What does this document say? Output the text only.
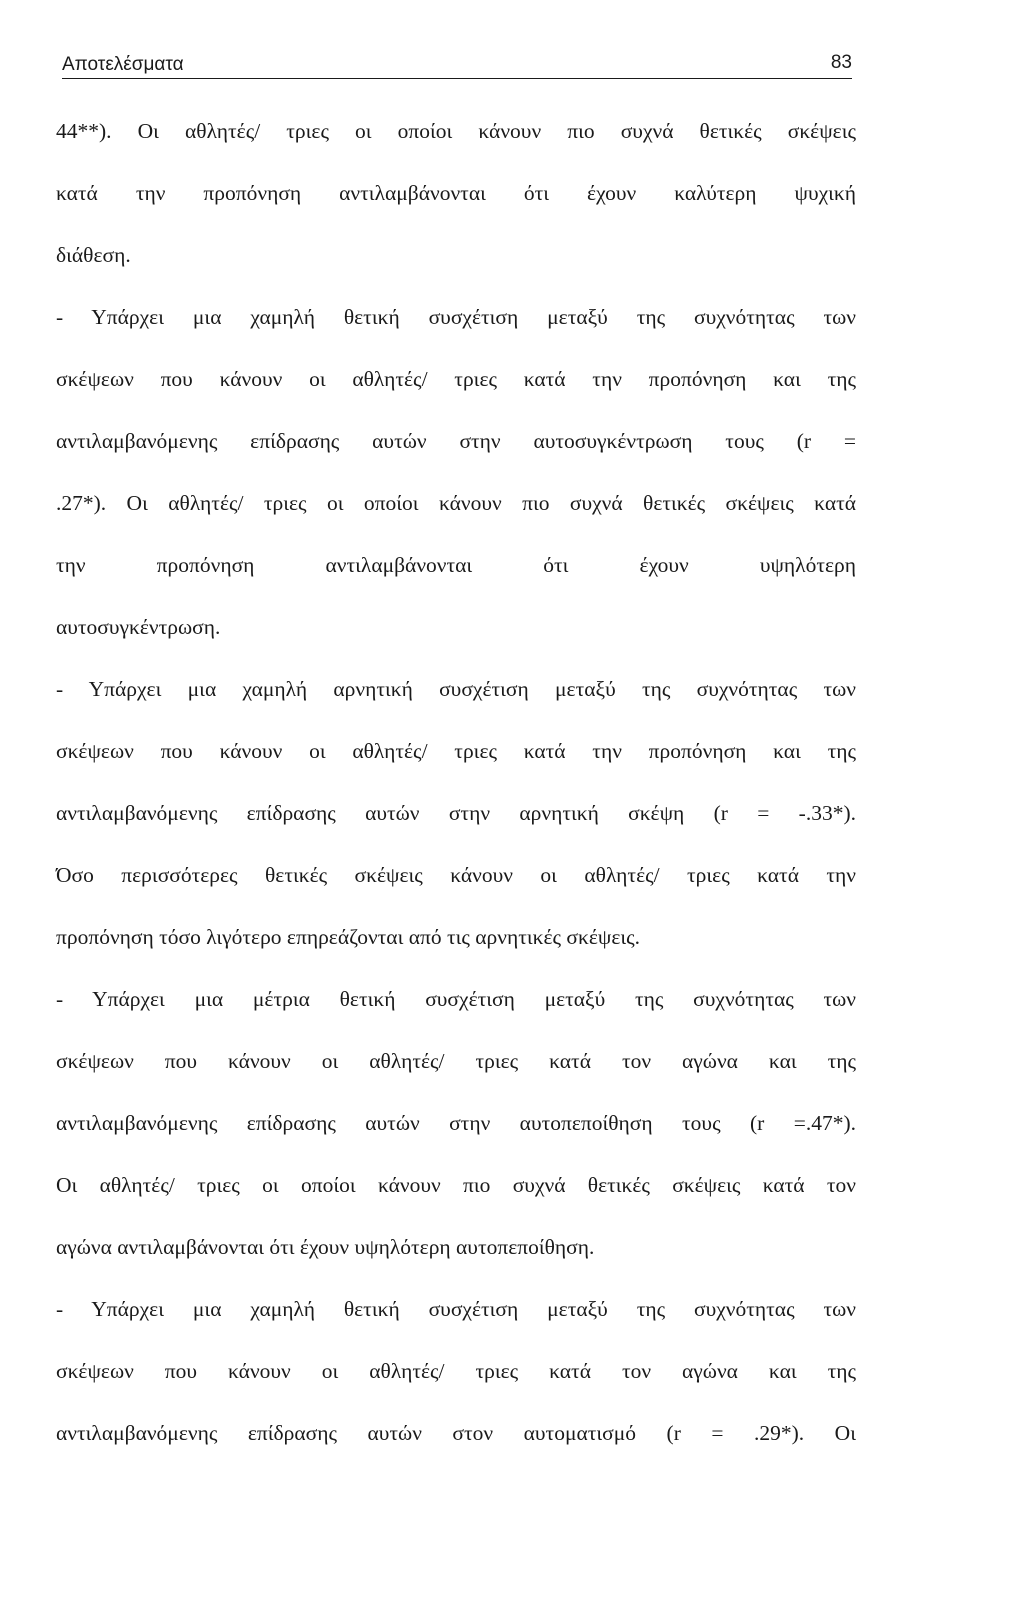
Αποτελέσματα	83
44**). Οι αθλητές/ τριες οι οποίοι κάνουν πιο συχνά θετικές σκέψεις
κατά την προπόνηση αντιλαμβάνονται ότι έχουν καλύτερη ψυχική
διάθεση.
- Υπάρχει μια χαμηλή θετική συσχέτιση μεταξύ της συχνότητας των
σκέψεων που κάνουν οι αθλητές/ τριες κατά την προπόνηση και της
αντιλαμβανόμενης επίδρασης αυτών στην αυτοσυγκέντρωση τους (r =
.27*). Οι αθλητές/ τριες οι οποίοι κάνουν πιο συχνά θετικές σκέψεις κατά
την προπόνηση αντιλαμβάνονται ότι έχουν υψηλότερη
αυτοσυγκέντρωση.
- Υπάρχει μια χαμηλή αρνητική συσχέτιση μεταξύ της συχνότητας των
σκέψεων που κάνουν οι αθλητές/ τριες κατά την προπόνηση και της
αντιλαμβανόμενης επίδρασης αυτών στην αρνητική σκέψη (r = -.33*).
Όσο περισσότερες θετικές σκέψεις κάνουν οι αθλητές/ τριες κατά την
προπόνηση τόσο λιγότερο επηρεάζονται από τις αρνητικές σκέψεις.
- Υπάρχει μια μέτρια θετική συσχέτιση μεταξύ της συχνότητας των
σκέψεων που κάνουν οι αθλητές/ τριες κατά τον αγώνα και της
αντιλαμβανόμενης επίδρασης αυτών στην αυτοπεποίθηση τους (r =.47*).
Οι αθλητές/ τριες οι οποίοι κάνουν πιο συχνά θετικές σκέψεις κατά τον
αγώνα αντιλαμβάνονται ότι έχουν υψηλότερη αυτοπεποίθηση.
- Υπάρχει μια χαμηλή θετική συσχέτιση μεταξύ της συχνότητας των
σκέψεων που κάνουν οι αθλητές/ τριες κατά τον αγώνα και της
αντιλαμβανόμενης επίδρασης αυτών στον αυτοματισμό (r = .29*). Οι
